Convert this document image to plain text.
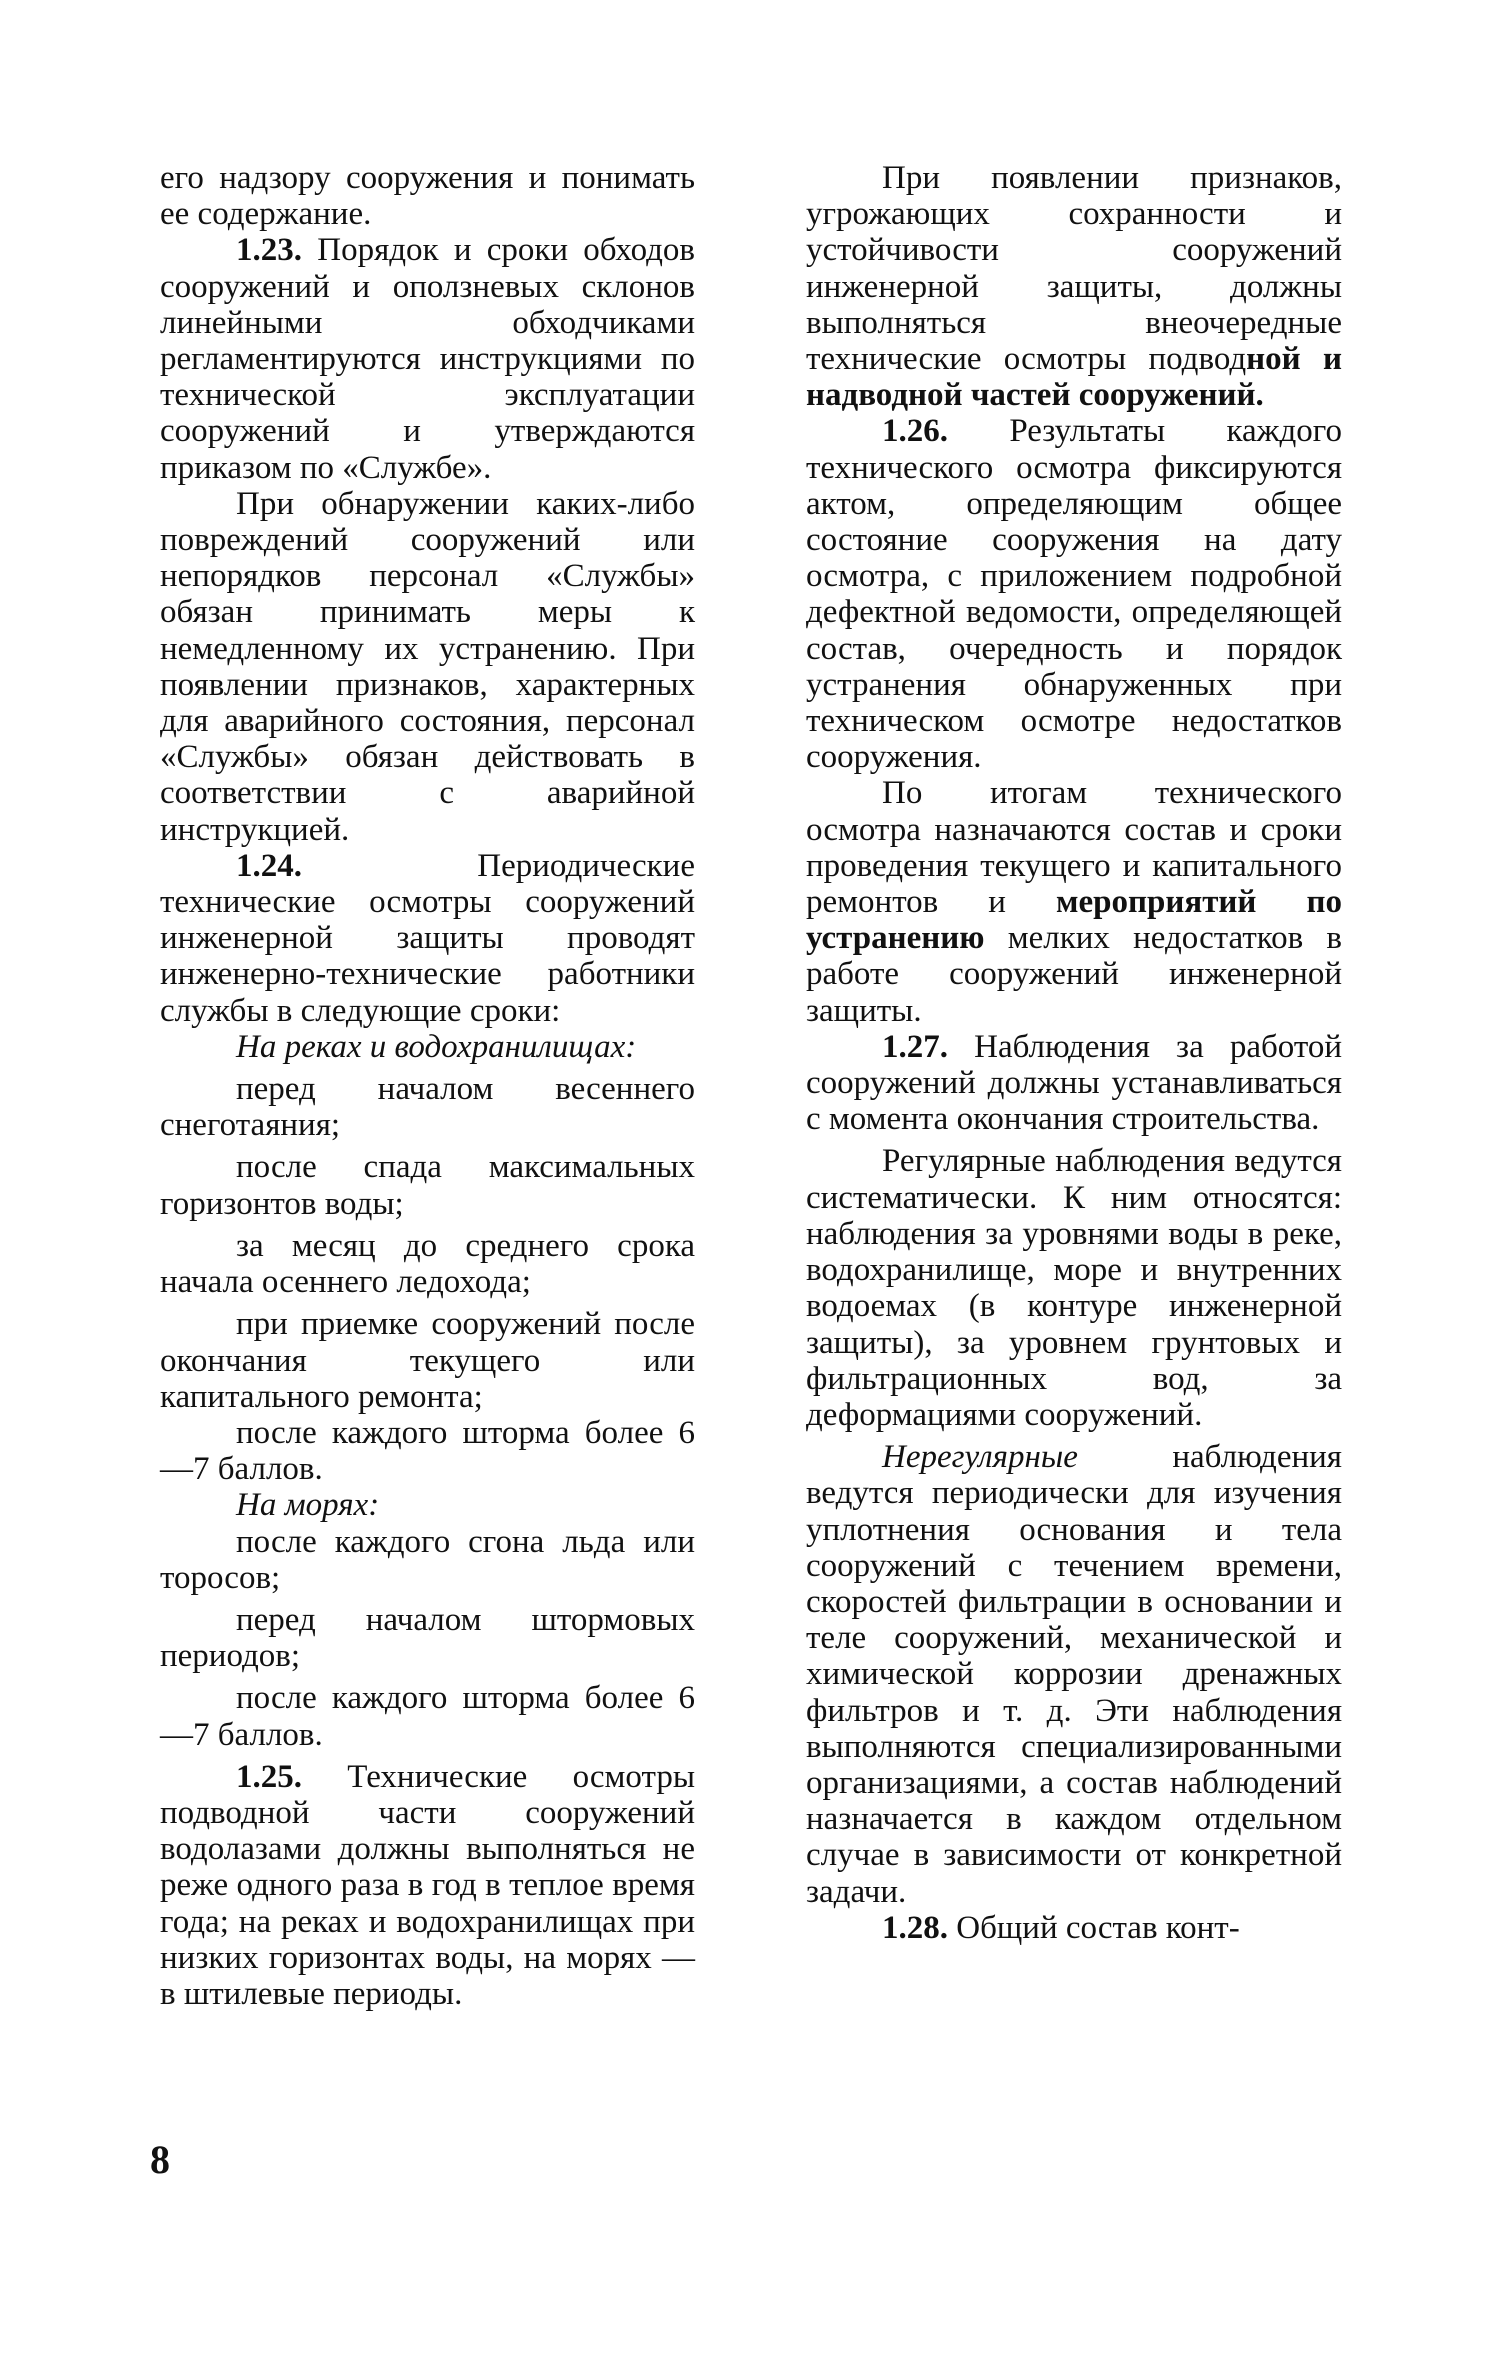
его надзору сооружения и понимать ее содержание.

1.23. Порядок и сроки обходов сооружений и оползневых склонов линейными обходчиками регламентируются инструкциями по технической эксплуатации сооружений и утверждаются приказом по «Службе».

При обнаружении каких-либо повреждений сооружений или непорядков персонал «Службы» обязан принимать меры к немедленному их устранению. При появлении признаков, характерных для аварийного состояния, персонал «Службы» обязан действовать в соответствии с аварийной инструкцией.

1.24. Периодические технические осмотры сооружений инженерной защиты проводят инженерно-технические работники службы в следующие сроки:

На реках и водохранилищах:

перед началом весеннего снеготаяния;

после спада максимальных горизонтов воды;

за месяц до среднего срока начала осеннего ледохода;

при приемке сооружений после окончания текущего или капитального ремонта;

после каждого шторма более 6—7 баллов.

На морях:

после каждого сгона льда или торосов;

перед началом штормовых периодов;

после каждого шторма более 6—7 баллов.

1.25. Технические осмотры подводной части сооружений водолазами должны выполняться не реже одного раза в год в теплое время года; на реках и водохранилищах при низких горизонтах воды, на морях — в штилевые периоды.

При появлении признаков, угрожающих сохранности и устойчивости сооружений инженерной защиты, должны выполняться внеочередные технические осмотры подводной и надводной частей сооружений.

1.26. Результаты каждого технического осмотра фиксируются актом, определяющим общее состояние сооружения на дату осмотра, с приложением подробной дефектной ведомости, определяющей состав, очередность и порядок устранения обнаруженных при техническом осмотре недостатков сооружения.

По итогам технического осмотра назначаются состав и сроки проведения текущего и капитального ремонтов и мероприятий по устранению мелких недостатков в работе сооружений инженерной защиты.

1.27. Наблюдения за работой сооружений должны устанавливаться с момента окончания строительства.

Регулярные наблюдения ведутся систематически. К ним относятся: наблюдения за уровнями воды в реке, водохранилище, море и внутренних водоемах (в контуре инженерной защиты), за уровнем грунтовых и фильтрационных вод, за деформациями сооружений.

Нерегулярные наблюдения ведутся периодически для изучения уплотнения основания и тела сооружений с течением времени, скоростей фильтрации в основании и теле сооружений, механической и химической коррозии дренажных фильтров и т. д. Эти наблюдения выполняются специализированными организациями, а состав наблюдений назначается в каждом отдельном случае в зависимости от конкретной задачи.

1.28. Общий состав конт-

8
